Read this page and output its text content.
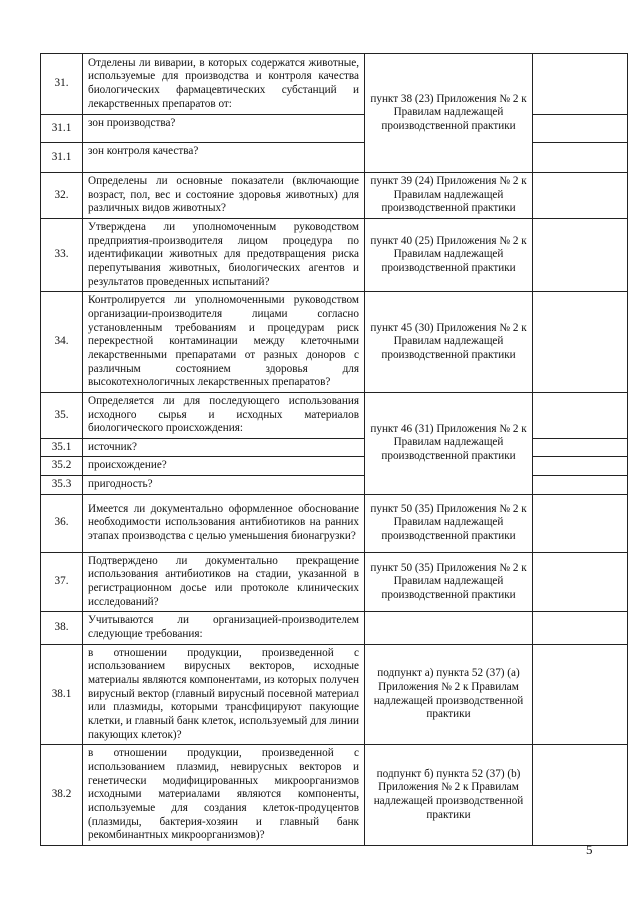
31.	Отделены ли виварии, в которых содержатся животные, используемые для производства и контроля качества биологических фармацевтических субстанций и лекарственных препаратов от:	пункт 38 (23) Приложения № 2 к Правилам надлежащей производственной практики	
31.1	зон производства?		
31.1	зон контроля качества?		
32.	Определены ли основные показатели (включающие возраст, пол, вес и состояние здоровья животных) для различных видов животных?	пункт 39 (24) Приложения № 2 к Правилам надлежащей производственной практики	
33.	Утверждена ли уполномоченным руководством предприятия-производителя лицом процедура по идентификации животных для предотвращения риска перепутывания животных, биологических агентов и результатов проведенных испытаний?	пункт 40 (25) Приложения № 2 к Правилам надлежащей производственной практики	
34.	Контролируется ли уполномоченными руководством организации-производителя лицами согласно установленным требованиям и процедурам риск перекрестной контаминации между клеточными лекарственными препаратами от разных доноров с различным состоянием здоровья для высокотехнологичных лекарственных препаратов?	пункт 45 (30) Приложения № 2 к Правилам надлежащей производственной практики	
35.	Определяется ли для последующего использования исходного сырья и исходных материалов биологического происхождения:	пункт 46 (31) Приложения № 2 к Правилам надлежащей производственной практики	
35.1	источник?		
35.2	происхождение?		
35.3	пригодность?		
36.	Имеется ли документально оформленное обоснование необходимости использования антибиотиков на ранних этапах производства с целью уменьшения бионагрузки?	пункт 50 (35) Приложения № 2 к Правилам надлежащей производственной практики	
37.	Подтверждено ли документально прекращение использования антибиотиков на стадии, указанной в регистрационном досье или протоколе клинических исследований?	пункт 50 (35) Приложения № 2 к Правилам надлежащей производственной практики	
38.	Учитываются ли организацией-производителем следующие требования:		
38.1	в отношении продукции, произведенной с использованием вирусных векторов, исходные материалы являются компонентами, из которых получен вирусный вектор (главный вирусный посевной материал или плазмиды, которыми трансфицируют пакующие клетки, и главный банк клеток, используемый для линии пакующих клеток)?	подпункт а) пункта 52 (37) (a) Приложения № 2 к Правилам надлежащей производственной практики	
38.2	в отношении продукции, произведенной с использованием плазмид, невирусных векторов и генетически модифицированных микроорганизмов исходными материалами являются компоненты, используемые для создания клеток-продуцентов (плазмиды, бактерия-хозяин и главный банк рекомбинантных микроорганизмов)?	подпункт б) пункта 52 (37) (b) Приложения № 2 к Правилам надлежащей производственной практики	
5
